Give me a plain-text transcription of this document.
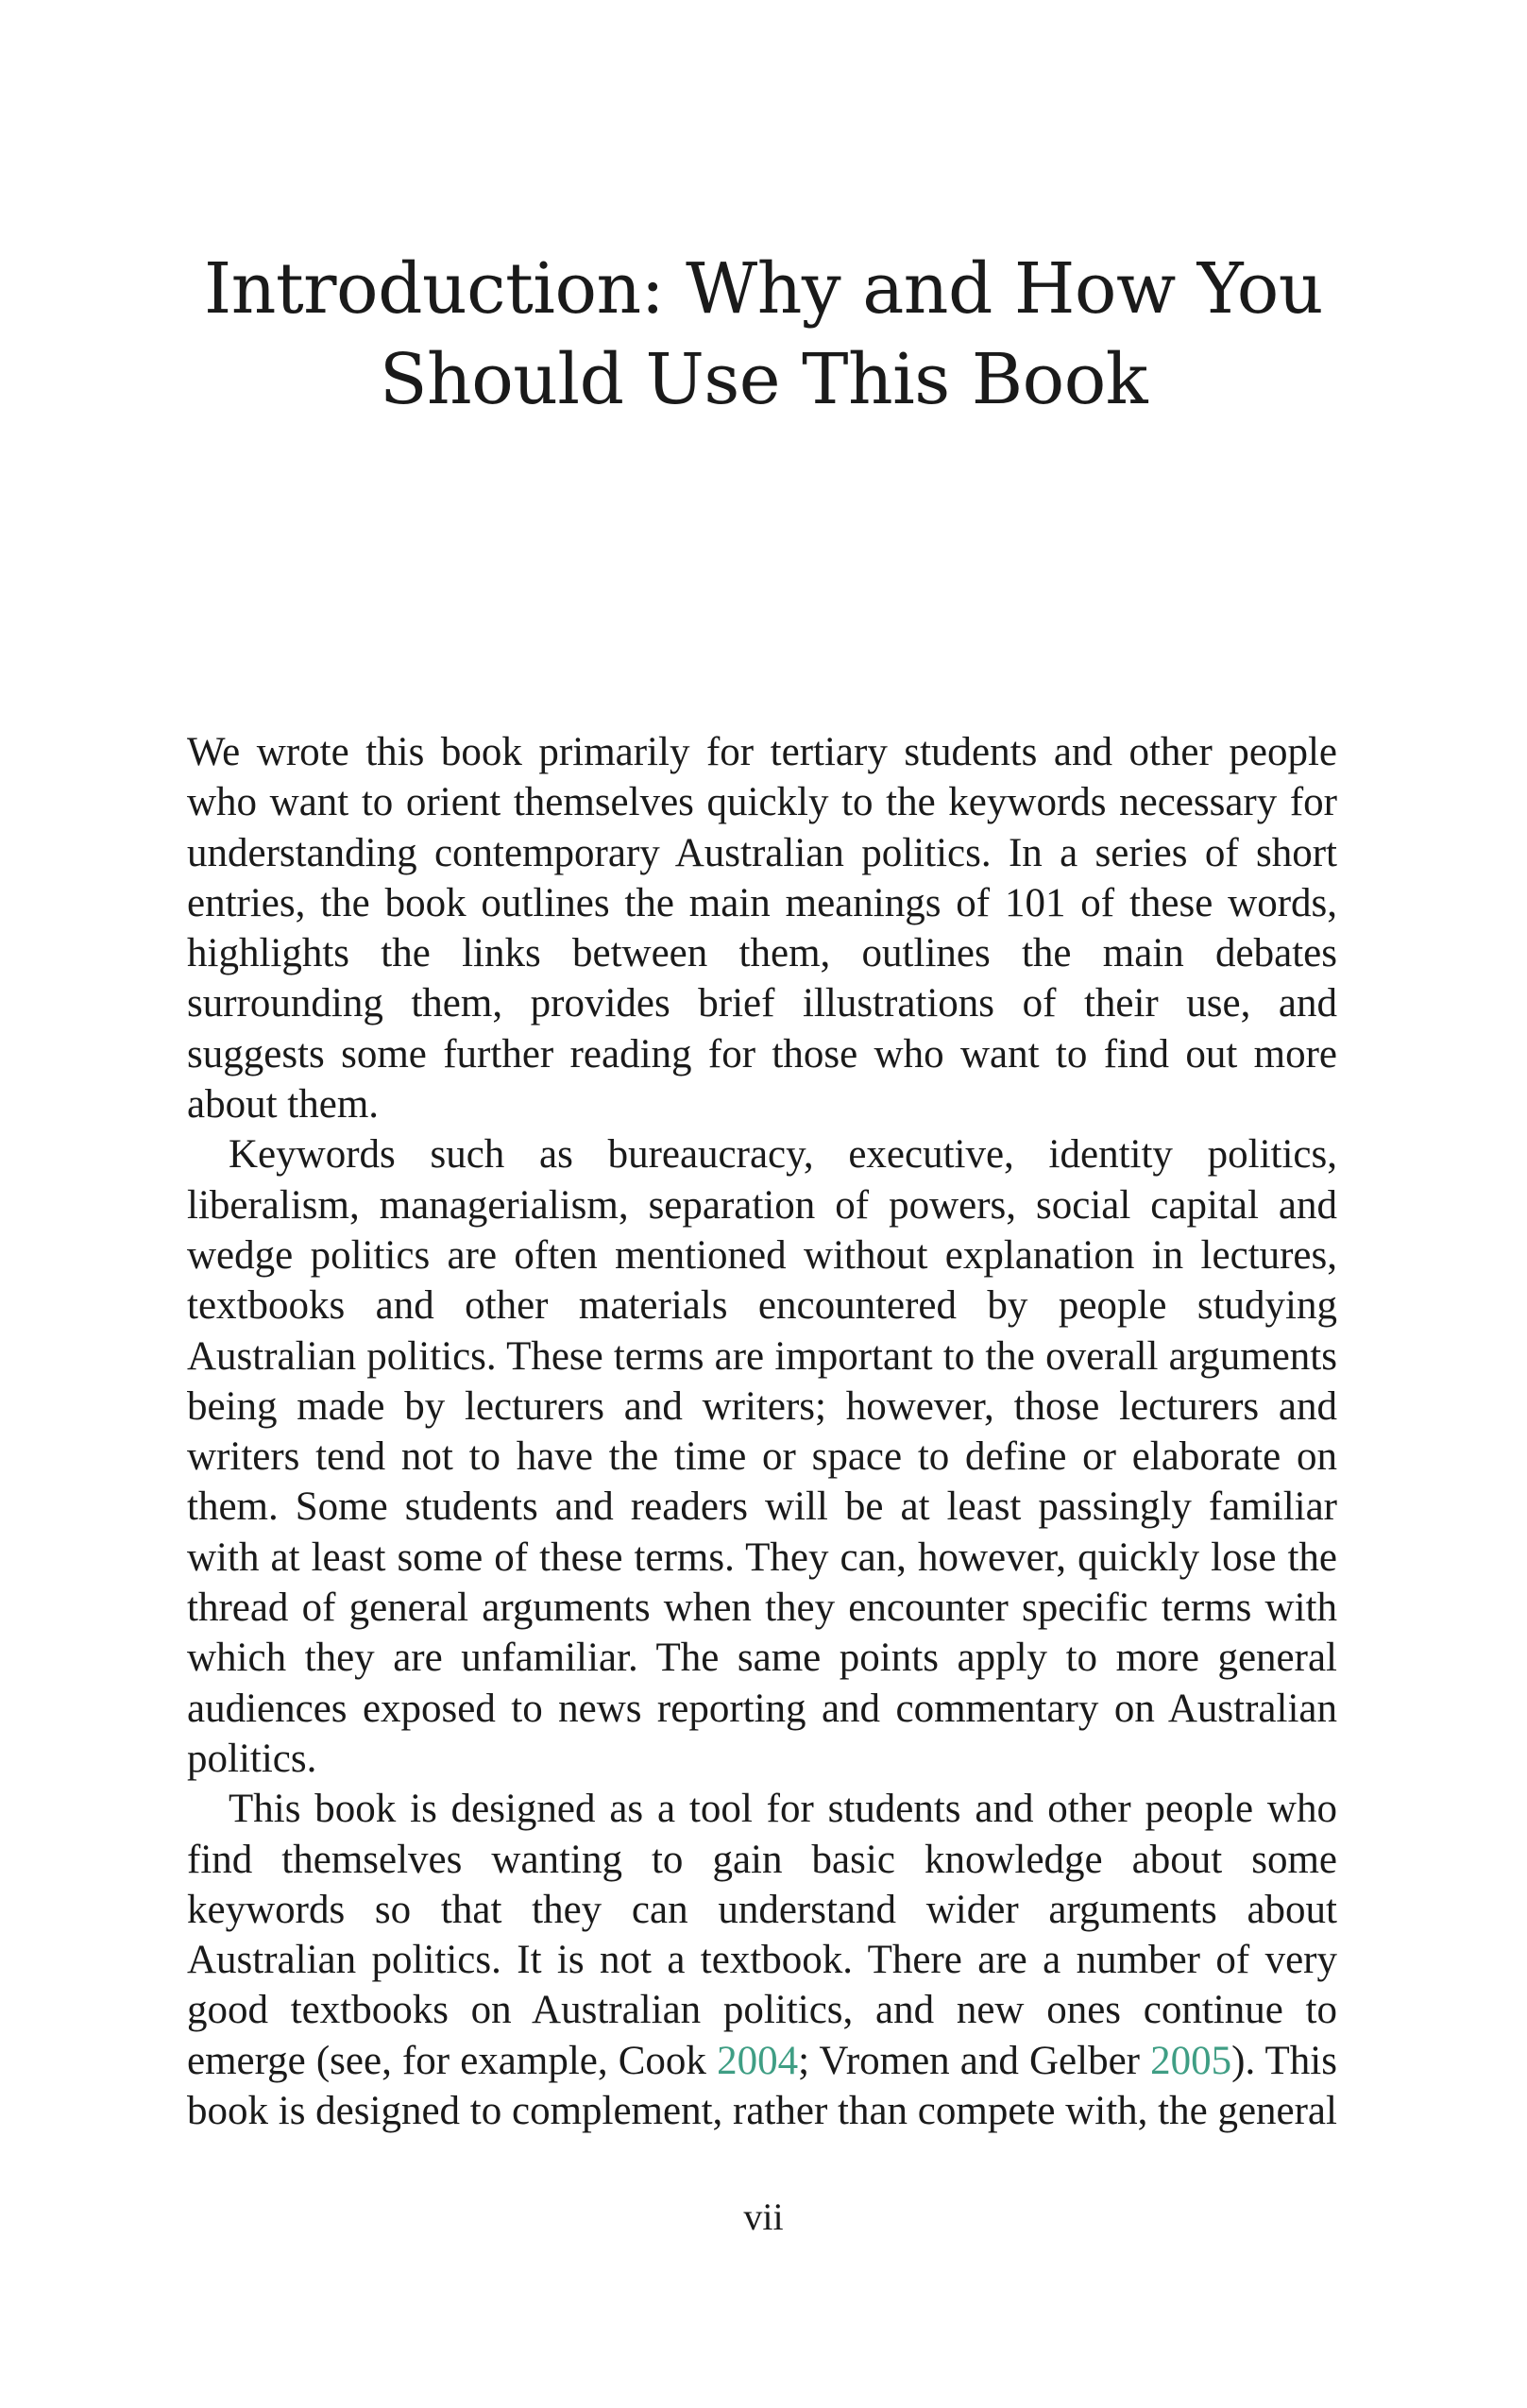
Introduction: Why and How You
Should Use This Book

We wrote this book primarily for tertiary students and other people who want to orient themselves quickly to the keywords necessary for understanding contemporary Australian politics. In a series of short entries, the book outlines the main meanings of 101 of these words, highlights the links between them, outlines the main debates surrounding them, provides brief illustrations of their use, and suggests some further reading for those who want to find out more about them.

Keywords such as bureaucracy, executive, identity politics, liberalism, managerialism, separation of powers, social capital and wedge politics are often mentioned without explanation in lectures, textbooks and other materials encountered by people studying Australian politics. These terms are important to the overall arguments being made by lecturers and writers; however, those lecturers and writers tend not to have the time or space to define or elaborate on them. Some students and readers will be at least passingly familiar with at least some of these terms. They can, however, quickly lose the thread of general arguments when they encounter specific terms with which they are unfamiliar. The same points apply to more general audiences exposed to news reporting and commentary on Australian politics.

This book is designed as a tool for students and other people who find themselves wanting to gain basic knowledge about some keywords so that they can understand wider arguments about Australian politics. It is not a textbook. There are a number of very good textbooks on Australian politics, and new ones continue to emerge (see, for example, Cook 2004; Vromen and Gelber 2005). This book is designed to complement, rather than compete with, the general

vii
